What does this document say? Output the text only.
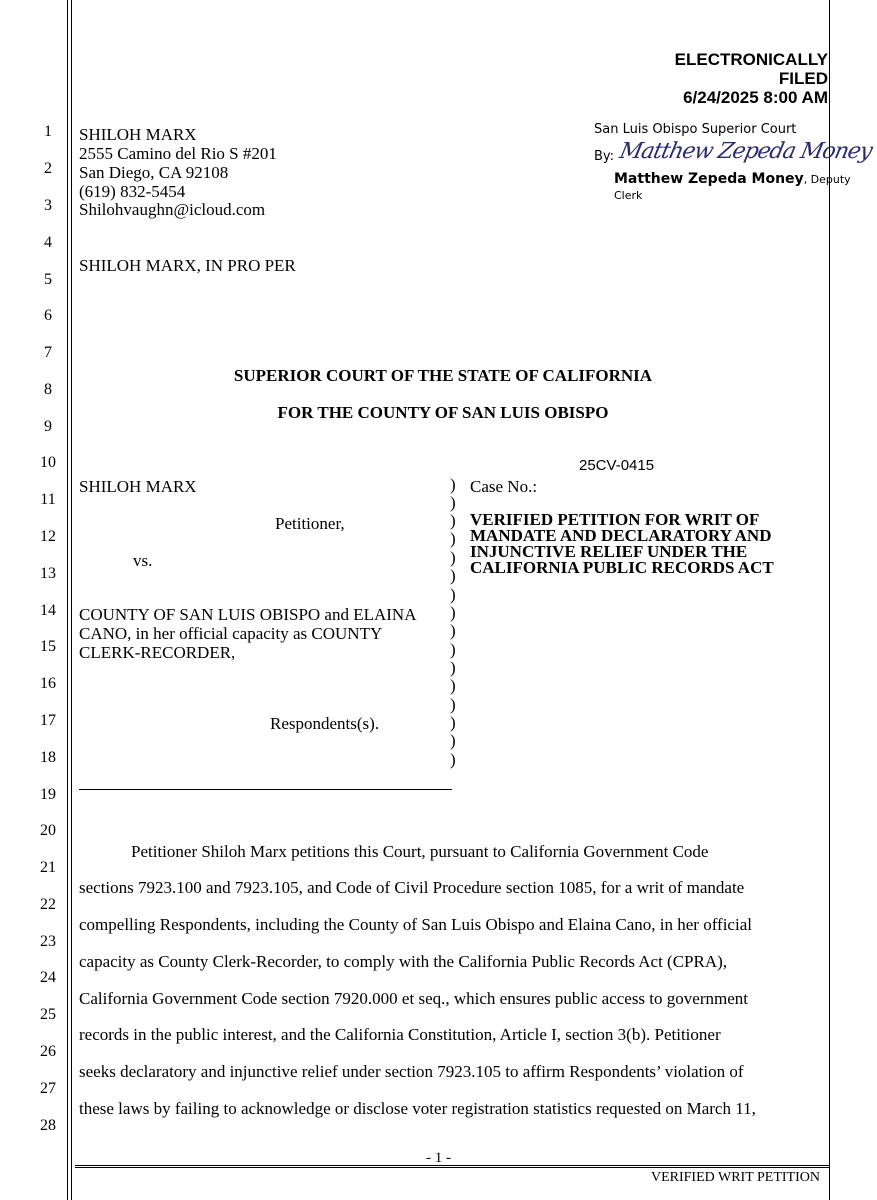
1
2
3
4
5
6
7
8
9
10
11
12
13
14
15
16
17
18
19
20
21
22
23
24
25
26
27
28
ELECTRONICALLY
FILED
6/24/2025 8:00 AM
San Luis Obispo Superior Court
By: Matthew Zepeda Money
Matthew Zepeda Money, Deputy Clerk
SHILOH MARX
2555 Camino del Rio S #201
San Diego, CA 92108
(619) 832-5454
Shilohvaughn@icloud.com
SHILOH MARX, IN PRO PER
SUPERIOR COURT OF THE STATE OF CALIFORNIA
FOR THE COUNTY OF SAN LUIS OBISPO
25CV-0415
SHILOH MARX
Petitioner,
vs.
COUNTY OF SAN LUIS OBISPO and ELAINA
CANO, in her official capacity as COUNTY
CLERK-RECORDER,
Respondents(s).
)
)
)
)
)
)
)
)
)
)
)
)
)
)
)
)
Case No.:
VERIFIED PETITION FOR WRIT OF
MANDATE AND DECLARATORY AND
INJUNCTIVE RELIEF UNDER THE
CALIFORNIA PUBLIC RECORDS ACT
Petitioner Shiloh Marx petitions this Court, pursuant to California Government Code
sections 7923.100 and 7923.105, and Code of Civil Procedure section 1085, for a writ of mandate
compelling Respondents, including the County of San Luis Obispo and Elaina Cano, in her official
capacity as County Clerk-Recorder, to comply with the California Public Records Act (CPRA),
California Government Code section 7920.000 et seq., which ensures public access to government
records in the public interest, and the California Constitution, Article I, section 3(b). Petitioner
seeks declaratory and injunctive relief under section 7923.105 to affirm Respondents’ violation of
these laws by failing to acknowledge or disclose voter registration statistics requested on March 11,
- 1 -
VERIFIED WRIT PETITION
